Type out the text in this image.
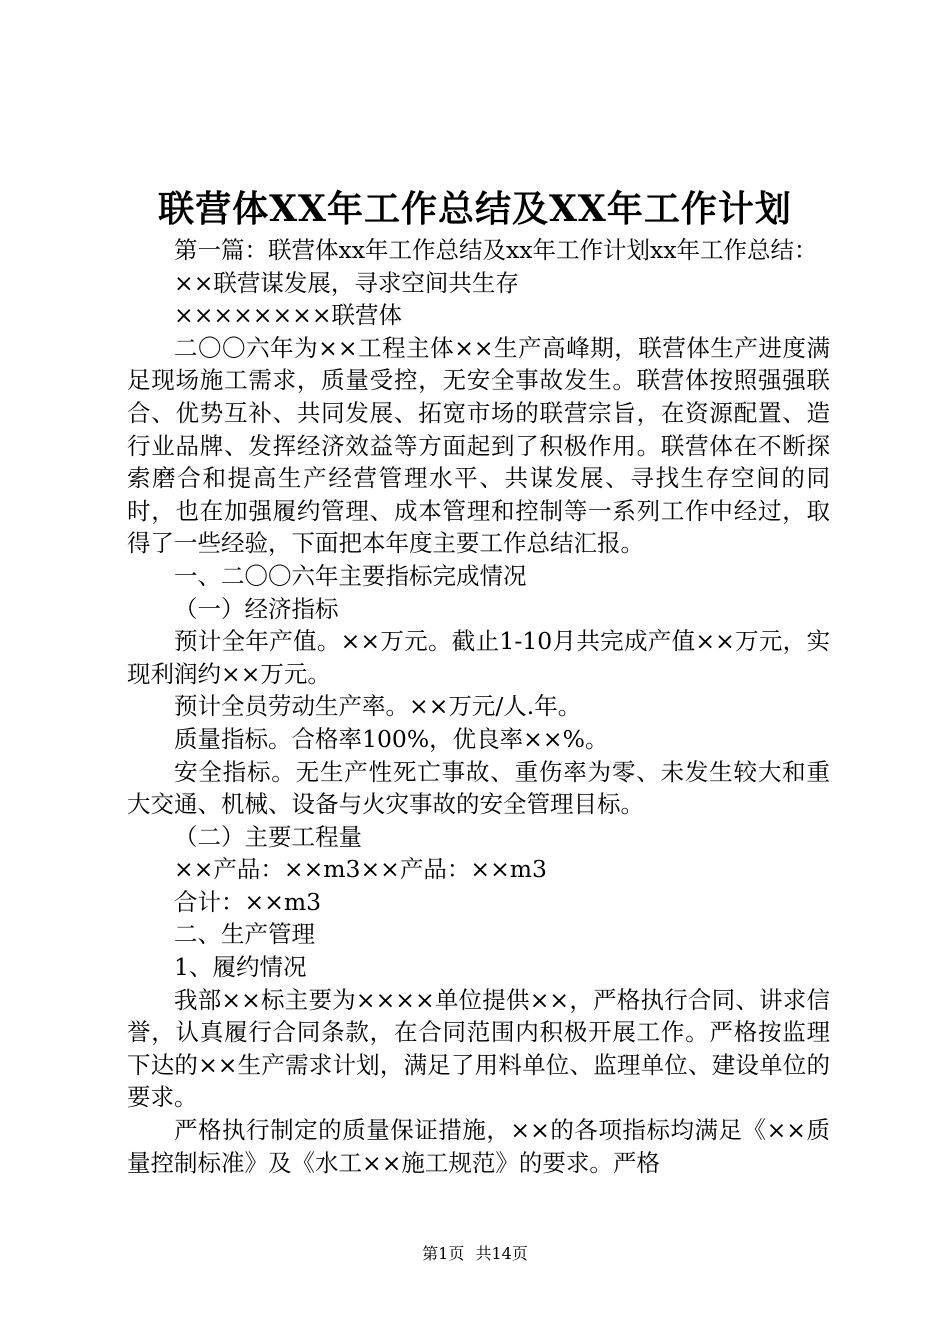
联营体XX年工作总结及XX年工作计划

第一篇：联营体xx年工作总结及xx年工作计划xx年工作总结：

××联营谋发展，寻求空间共生存

××××××××联营体

二〇〇六年为××工程主体××生产高峰期，联营体生产进度满足现场施工需求，质量受控，无安全事故发生。联营体按照强强联合、优势互补、共同发展、拓宽市场的联营宗旨，在资源配置、造行业品牌、发挥经济效益等方面起到了积极作用。联营体在不断探索磨合和提高生产经营管理水平、共谋发展、寻找生存空间的同时，也在加强履约管理、成本管理和控制等一系列工作中经过，取得了一些经验，下面把本年度主要工作总结汇报。

一、二〇〇六年主要指标完成情况

（一）经济指标

预计全年产值。××万元。截止1-10月共完成产值××万元，实现利润约××万元。

预计全员劳动生产率。××万元/人.年。

质量指标。合格率100%，优良率××%。

安全指标。无生产性死亡事故、重伤率为零、未发生较大和重大交通、机械、设备与火灾事故的安全管理目标。

（二）主要工程量

××产品：××m3××产品：××m3

合计：××m3

二、生产管理

1、履约情况

我部××标主要为××××单位提供××，严格执行合同、讲求信誉，认真履行合同条款，在合同范围内积极开展工作。严格按监理下达的××生产需求计划，满足了用料单位、监理单位、建设单位的要求。

严格执行制定的质量保证措施，××的各项指标均满足《××质量控制标准》及《水工××施工规范》的要求。严格

第1页 共14页
